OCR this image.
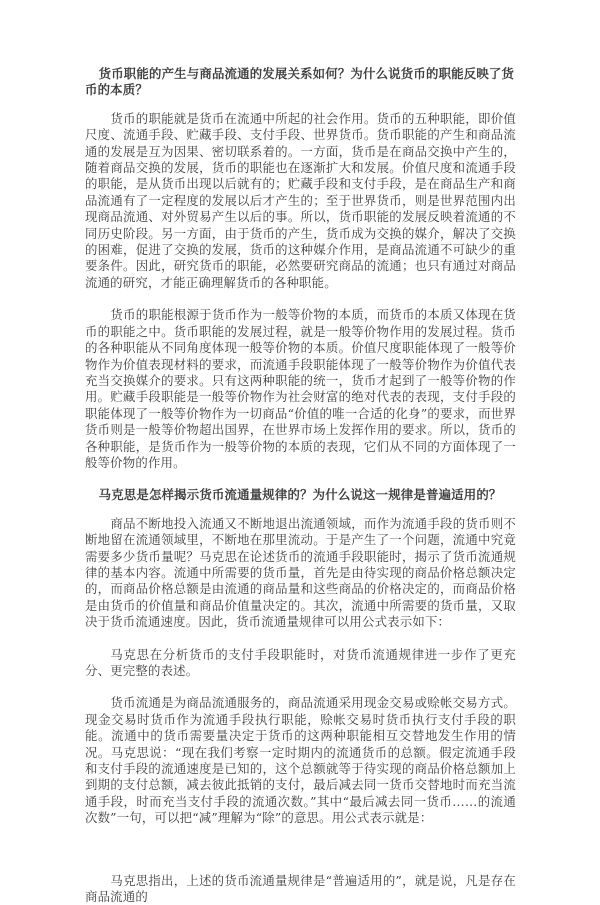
货币职能的产生与商品流通的发展关系如何？为什么说货币的职能反映了货币的本质？
货币的职能就是货币在流通中所起的社会作用。货币的五种职能，即价值尺度、流通手段、贮藏手段、支付手段、世界货币。货币职能的产生和商品流通的发展是互为因果、密切联系着的。一方面，货币是在商品交换中产生的，随着商品交换的发展，货币的职能也在逐渐扩大和发展。价值尺度和流通手段的职能，是从货币出现以后就有的；贮藏手段和支付手段，是在商品生产和商品流通有了一定程度的发展以后才产生的；至于世界货币，则是世界范围内出现商品流通、对外贸易产生以后的事。所以，货币职能的发展反映着流通的不同历史阶段。另一方面，由于货币的产生，货币成为交换的媒介，解决了交换的困难，促进了交换的发展，货币的这种媒介作用，是商品流通不可缺少的重要条件。因此，研究货币的职能，必然要研究商品的流通；也只有通过对商品流通的研究，才能正确理解货币的各种职能。
货币的职能根源于货币作为一般等价物的本质，而货币的本质又体现在货币的职能之中。货币职能的发展过程，就是一般等价物作用的发展过程。货币的各种职能从不同角度体现一般等价物的本质。价值尺度职能体现了一般等价物作为价值表现材料的要求，而流通手段职能体现了一般等价物作为价值代表充当交换媒介的要求。只有这两种职能的统一，货币才起到了一般等价物的作用。贮藏手段职能是一般等价物作为社会财富的绝对代表的表现，支付手段的职能体现了一般等价物作为一切商品“价值的唯一合适的化身”的要求，而世界货币则是一般等价物超出国界，在世界市场上发挥作用的要求。所以，货币的各种职能，是货币作为一般等价物的本质的表现，它们从不同的方面体现了一般等价物的作用。
马克思是怎样揭示货币流通量规律的？为什么说这一规律是普遍适用的？
商品不断地投入流通又不断地退出流通领域，而作为流通手段的货币则不断地留在流通领域里，不断地在那里流动。于是产生了一个问题，流通中究竟需要多少货币量呢？马克思在论述货币的流通手段职能时，揭示了货币流通规律的基本内容。流通中所需要的货币量，首先是由待实现的商品价格总额决定的，而商品价格总额是由流通的商品量和这些商品的价格决定的，而商品价格是由货币的价值量和商品价值量决定的。其次，流通中所需要的货币量，又取决于货币流通速度。因此，货币流通量规律可以用公式表示如下：
马克思在分析货币的支付手段职能时，对货币流通规律进一步作了更充分、更完整的表述。
货币流通是为商品流通服务的，商品流通采用现金交易或赊帐交易方式。现金交易时货币作为流通手段执行职能，赊帐交易时货币执行支付手段的职能。流通中的货币需要量决定于货币的这两种职能相互交替地发生作用的情况。马克思说：“现在我们考察一定时期内的流通货币的总额。假定流通手段和支付手段的流通速度是已知的，这个总额就等于待实现的商品价格总额加上到期的支付总额，减去彼此抵销的支付，最后减去同一货币交替地时而充当流通手段，时而充当支付手段的流通次数。”其中“最后减去同一货币……的流通次数”一句，可以把“减”理解为“除”的意思。用公式表示就是：
马克思指出，上述的货币流通量规律是“普遍适用的”，就是说，凡是存在商品流通的
